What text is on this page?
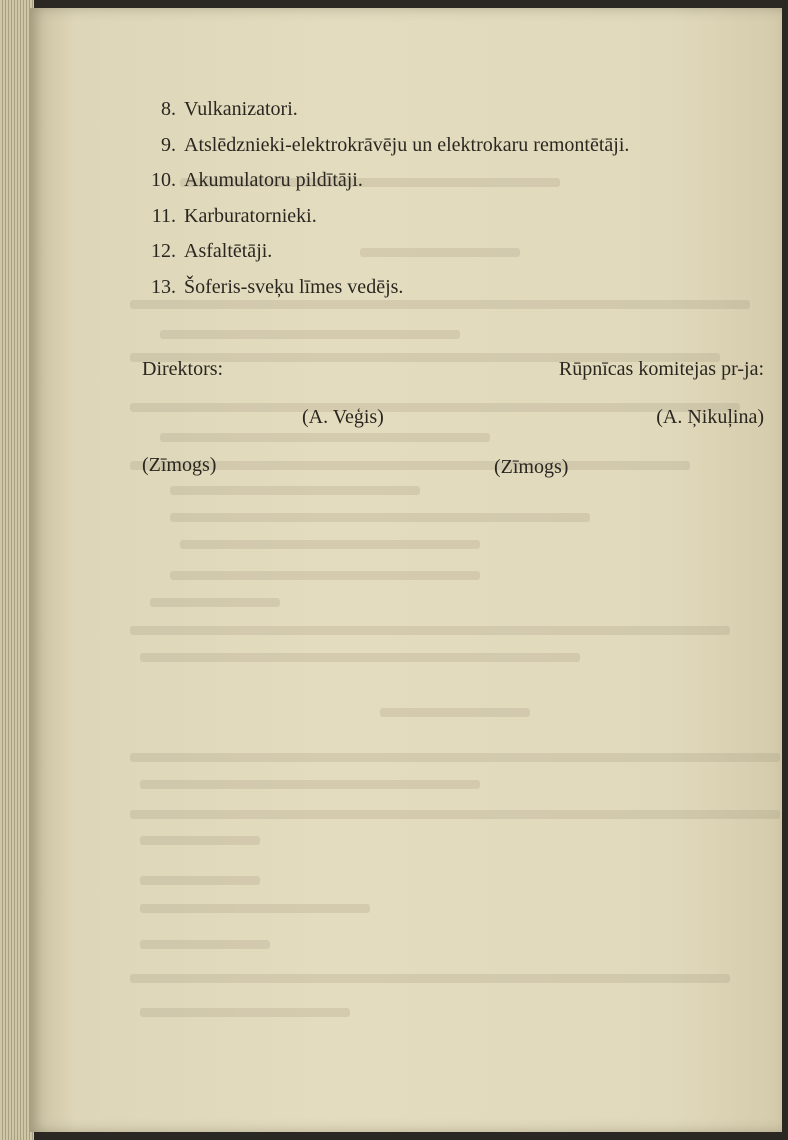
8. Vulkanizatori.
9. Atslēdznieki-elektrokrāvēju un elektrokaru remontētāji.
10. Akumulatoru pildītāji.
11. Karburatornieki.
12. Asfaltētāji.
13. Šoferis-sveķu līmes vedējs.
Direktors:	Rūpnīcas komitejas pr-ja:
(A. Veģis)	(A. Ņikuļina)
(Zīmogs)	(Zīmogs)
